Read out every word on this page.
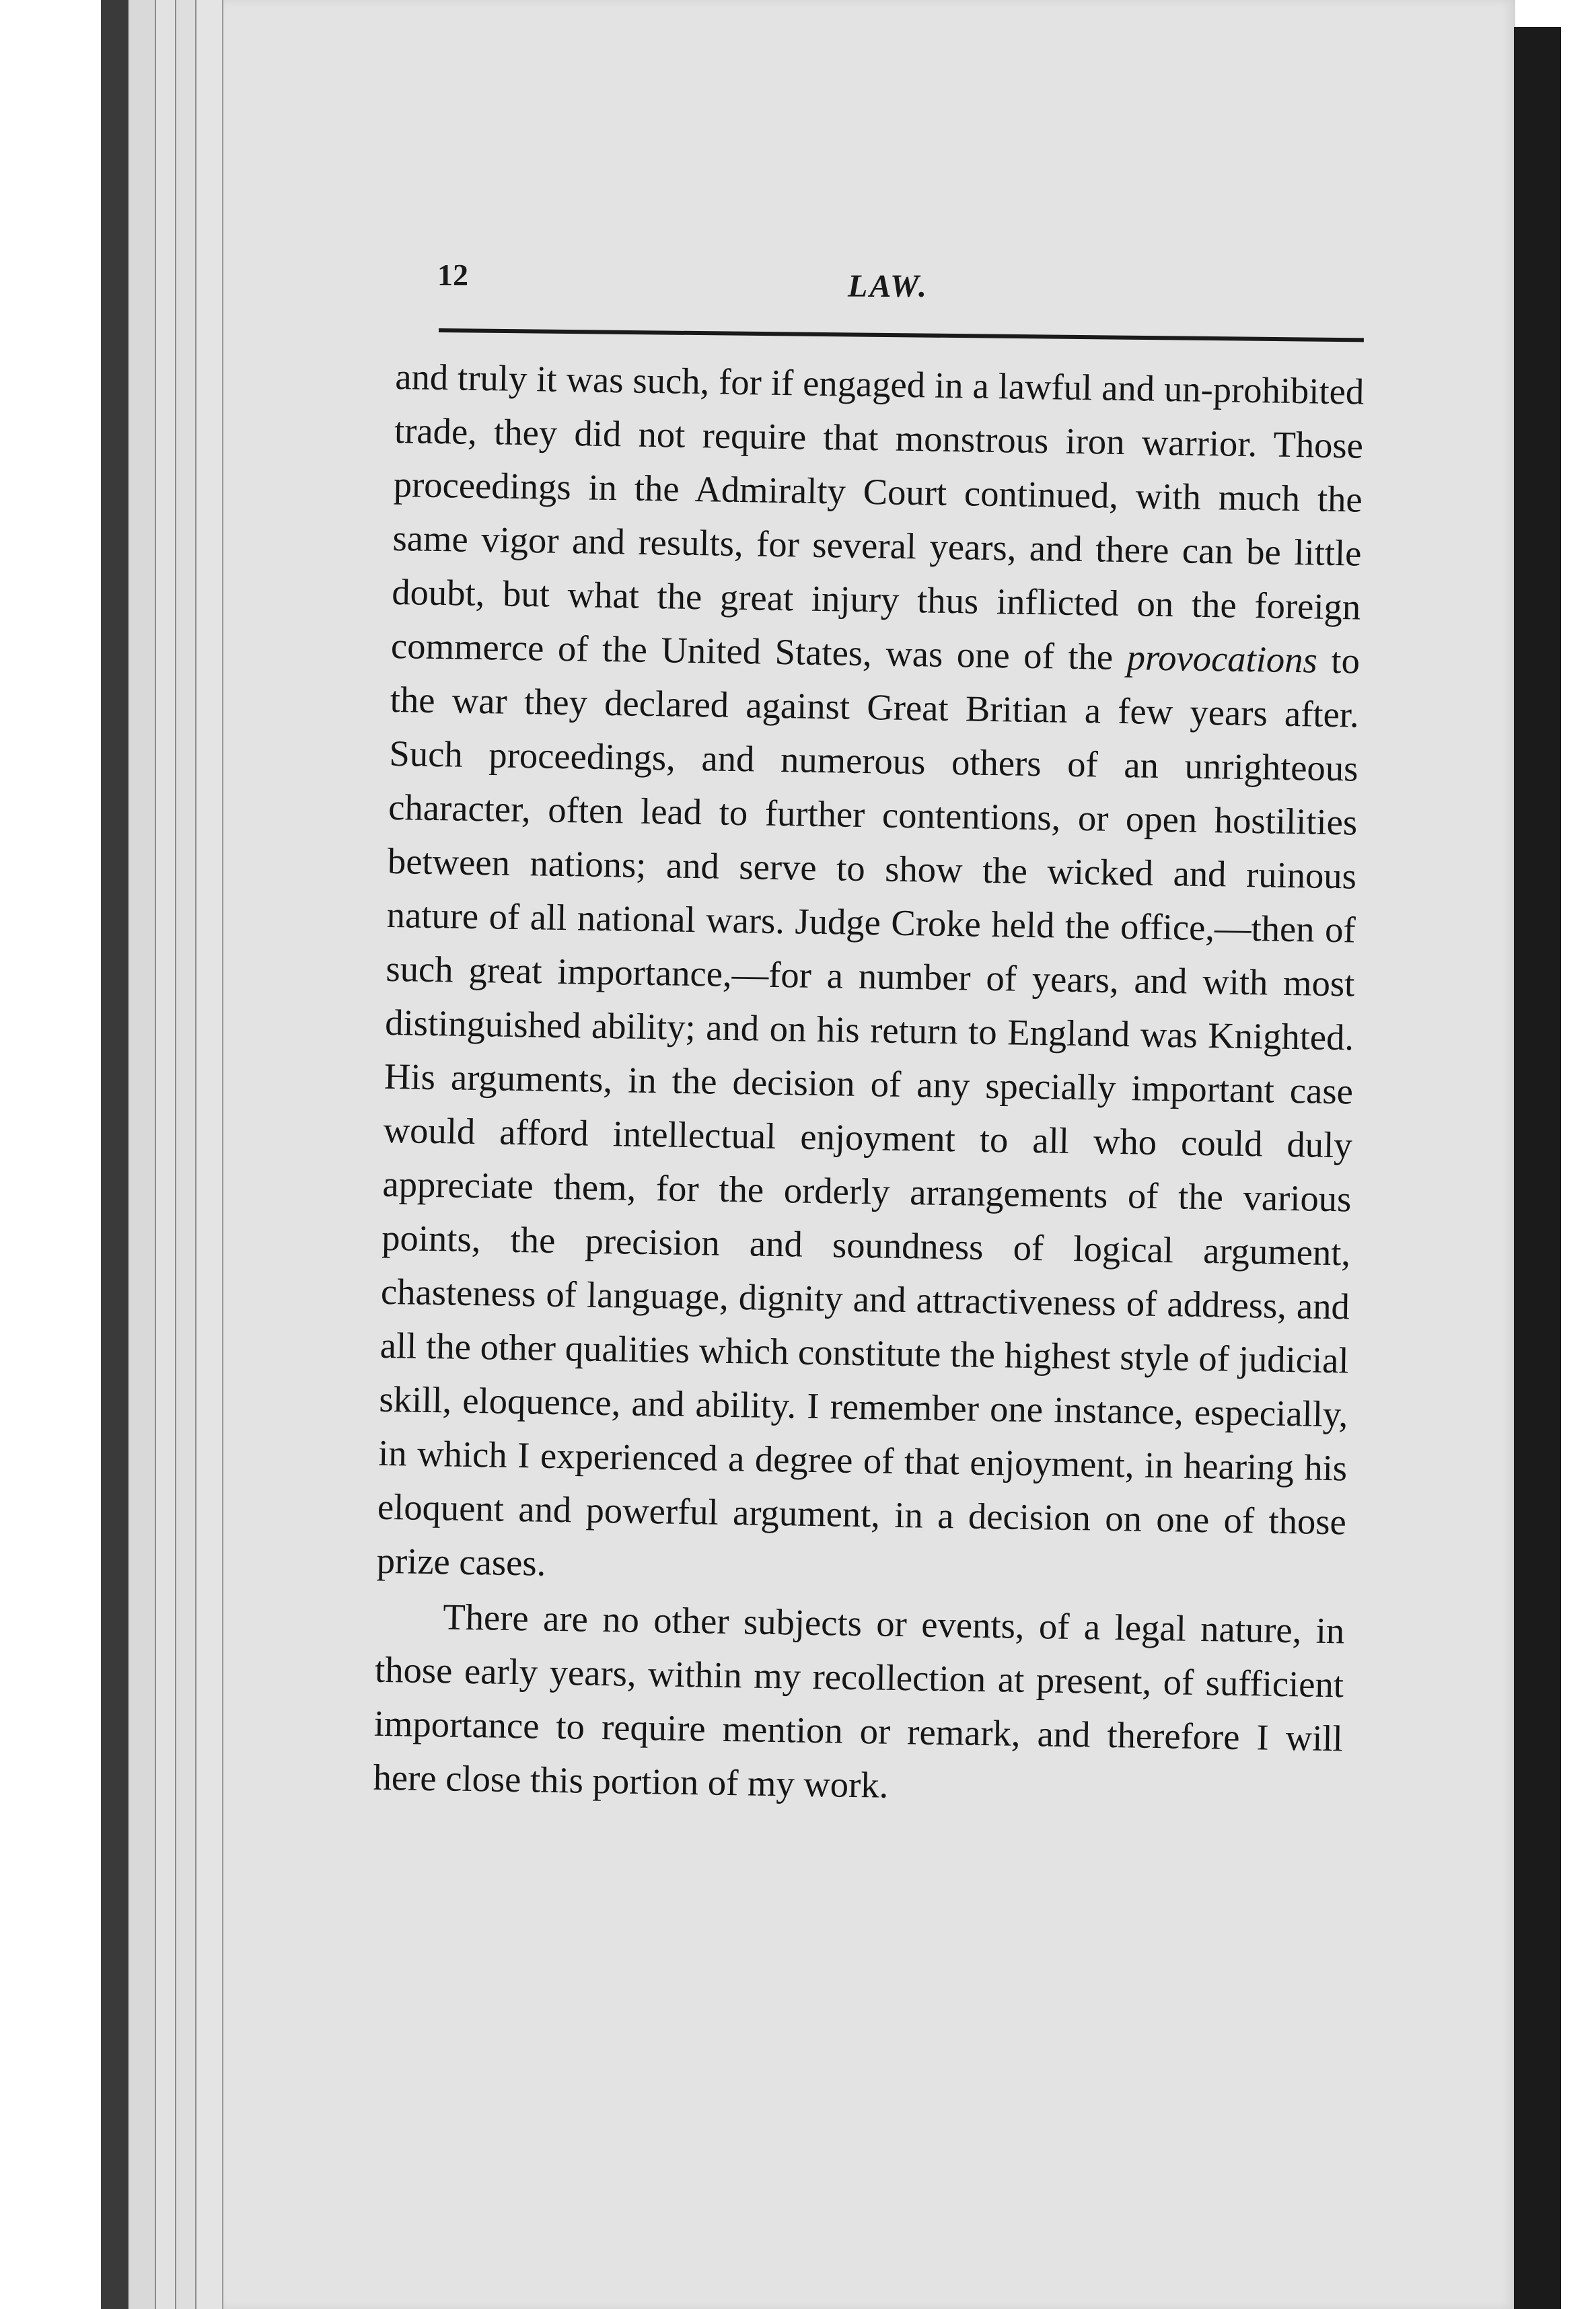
12	LAW.

and truly it was such, for if engaged in a lawful and un-prohibited trade, they did not require that monstrous iron warrior. Those proceedings in the Admiralty Court continued, with much the same vigor and results, for several years, and there can be little doubt, but what the great injury thus inflicted on the foreign commerce of the United States, was one of the provocations to the war they declared against Great Britian a few years after. Such proceedings, and numerous others of an unrighteous character, often lead to further contentions, or open hostilities between nations; and serve to show the wicked and ruinous nature of all national wars. Judge Croke held the office,—then of such great importance,—for a number of years, and with most distinguished ability; and on his return to England was Knighted. His arguments, in the decision of any specially important case would afford intellectual enjoyment to all who could duly appreciate them, for the orderly arrangements of the various points, the precision and soundness of logical argument, chasteness of language, dignity and attractiveness of address, and all the other qualities which constitute the highest style of judicial skill, eloquence, and ability. I remember one instance, especially, in which I experienced a degree of that enjoyment, in hearing his eloquent and powerful argument, in a decision on one of those prize cases.

There are no other subjects or events, of a legal nature, in those early years, within my recollection at present, of sufficient importance to require mention or remark, and therefore I will here close this portion of my work.
